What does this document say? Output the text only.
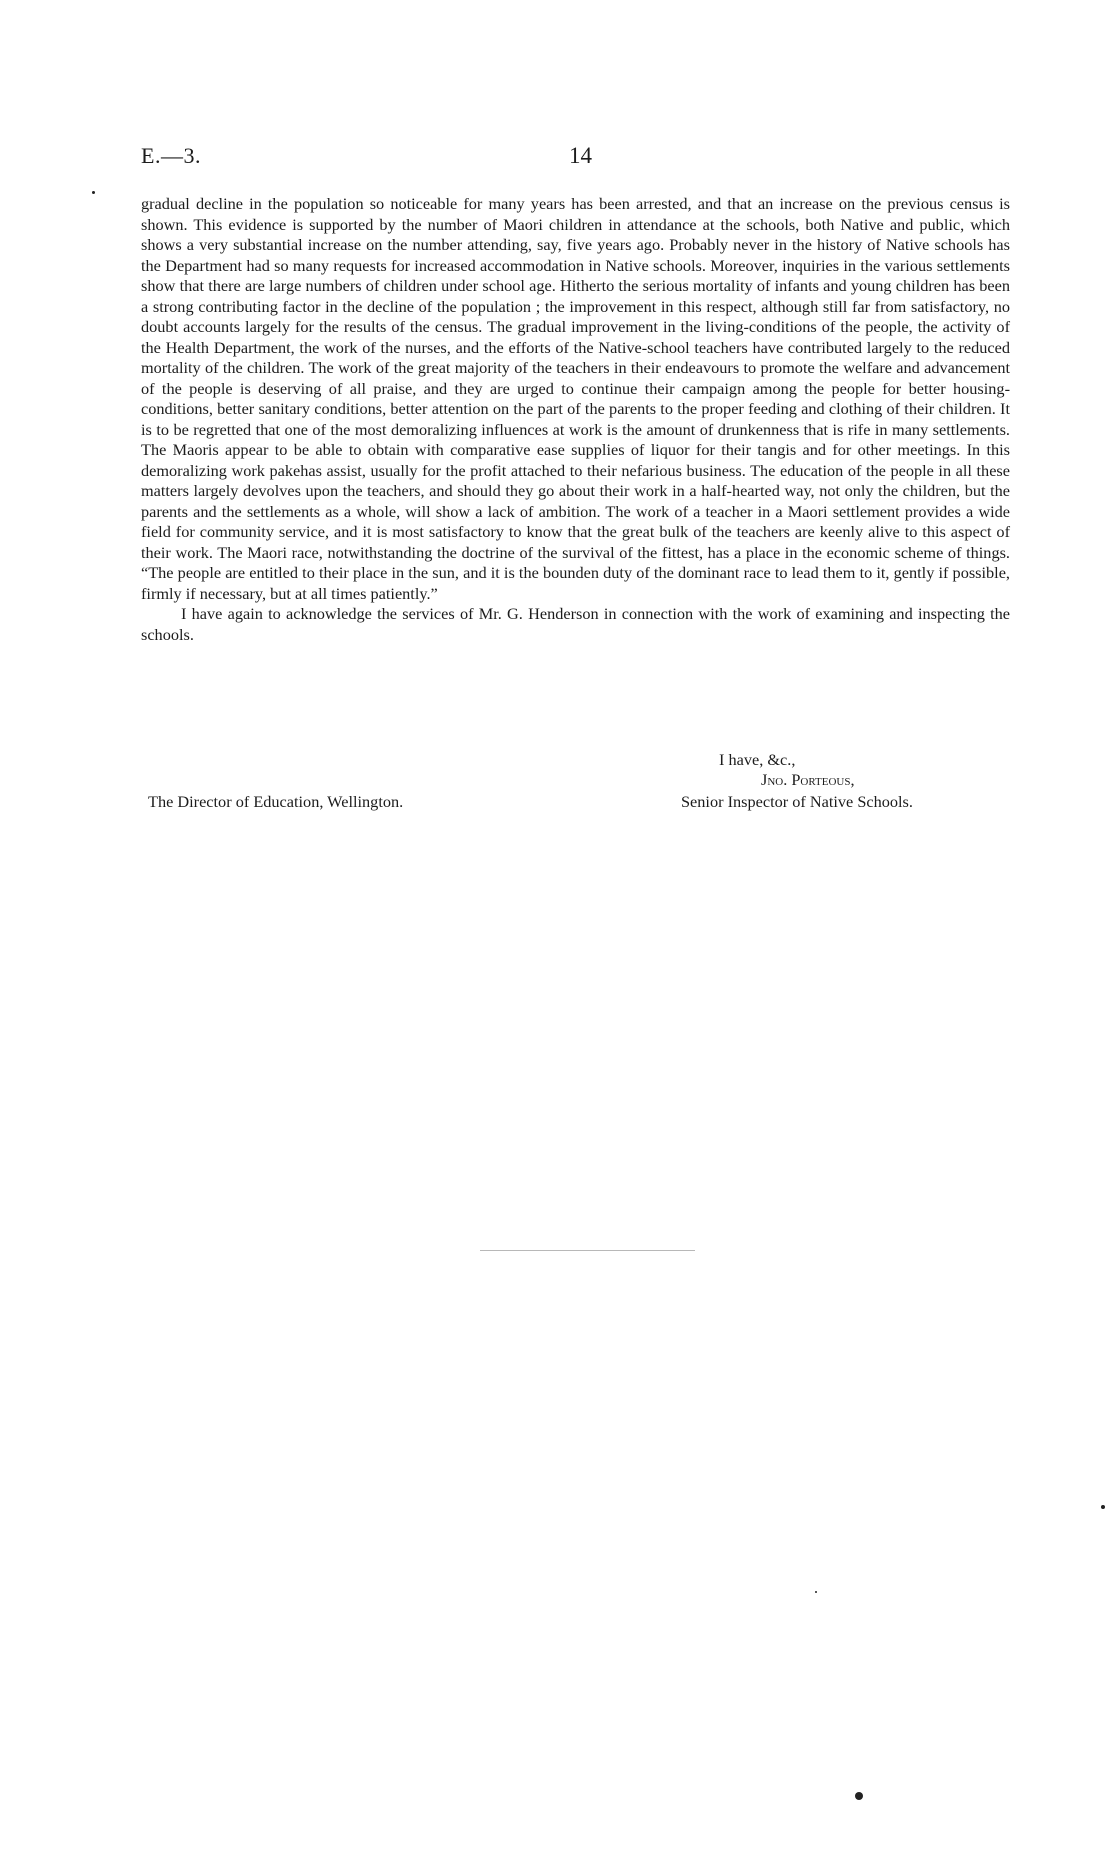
E.—3.	14

gradual decline in the population so noticeable for many years has been arrested, and that an increase on the previous census is shown. This evidence is supported by the number of Maori children in attendance at the schools, both Native and public, which shows a very substantial increase on the number attending, say, five years ago. Probably never in the history of Native schools has the Department had so many requests for increased accommodation in Native schools. Moreover, inquiries in the various settlements show that there are large numbers of children under school age. Hitherto the serious mortality of infants and young children has been a strong contributing factor in the decline of the population ; the improvement in this respect, although still far from satisfactory, no doubt accounts largely for the results of the census. The gradual improvement in the living-conditions of the people, the activity of the Health Department, the work of the nurses, and the efforts of the Native-school teachers have contributed largely to the reduced mortality of the children. The work of the great majority of the teachers in their endeavours to promote the welfare and advancement of the people is deserving of all praise, and they are urged to continue their campaign among the people for better housing-conditions, better sanitary conditions, better attention on the part of the parents to the proper feeding and clothing of their children. It is to be regretted that one of the most demoralizing influences at work is the amount of drunkenness that is rife in many settlements. The Maoris appear to be able to obtain with comparative ease supplies of liquor for their tangis and for other meetings. In this demoralizing work pakehas assist, usually for the profit attached to their nefarious business. The education of the people in all these matters largely devolves upon the teachers, and should they go about their work in a half-hearted way, not only the children, but the parents and the settlements as a whole, will show a lack of ambition. The work of a teacher in a Maori settlement provides a wide field for community service, and it is most satisfactory to know that the great bulk of the teachers are keenly alive to this aspect of their work. The Maori race, notwithstanding the doctrine of the survival of the fittest, has a place in the economic scheme of things. “The people are entitled to their place in the sun, and it is the bounden duty of the dominant race to lead them to it, gently if possible, firmly if necessary, but at all times patiently.”

I have again to acknowledge the services of Mr. G. Henderson in connection with the work of examining and inspecting the schools.

I have, &c.,
Jno. Porteous,
The Director of Education, Wellington.	Senior Inspector of Native Schools.
